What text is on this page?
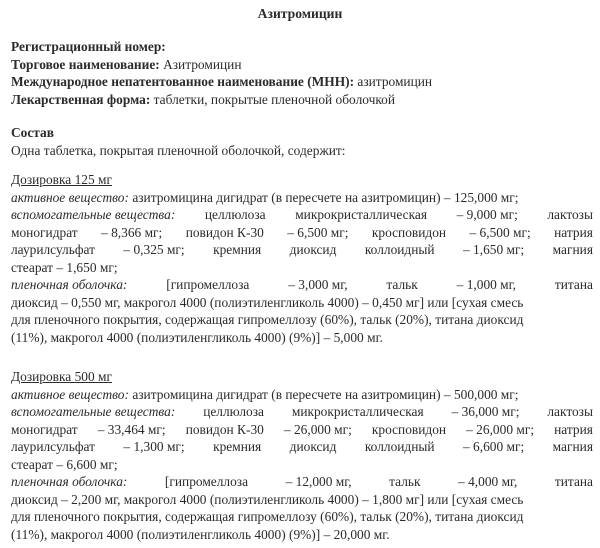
Азитромицин
Регистрационный номер:
Торговое наименование: Азитромицин
Международное непатентованное наименование (МНН): азитромицин
Лекарственная форма: таблетки, покрытые пленочной оболочкой
Состав
Одна таблетка, покрытая пленочной оболочкой, содержит:
Дозировка 125 мг
активное вещество: азитромицина дигидрат (в пересчете на азитромицин) – 125,000 мг;
вспомогательные вещества: целлюлоза микрокристаллическая – 9,000 мг; лактозы
моногидрат – 8,366 мг; повидон К-30 – 6,500 мг; кросповидон – 6,500 мг; натрия
лаурилсульфат – 0,325 мг; кремния диоксид коллоидный – 1,650 мг; магния
стеарат – 1,650 мг;
пленочная оболочка:	[гипромеллоза	– 3,000 мг,	тальк	– 1,000 мг,	титана
диоксид – 0,550 мг, макрогол 4000 (полиэтиленгликоль 4000) – 0,450 мг] или [сухая смесь
для пленочного покрытия, содержащая гипромеллозу (60%), тальк (20%), титана диоксид
(11%), макрогол 4000 (полиэтиленгликоль 4000) (9%)] – 5,000 мг.
Дозировка 500 мг
активное вещество: азитромицина дигидрат (в пересчете на азитромицин) – 500,000 мг;
вспомогательные вещества: целлюлоза микрокристаллическая – 36,000 мг; лактозы
моногидрат – 33,464 мг; повидон К-30 – 26,000 мг; кросповидон – 26,000 мг; натрия
лаурилсульфат – 1,300 мг; кремния диоксид коллоидный – 6,600 мг; магния
стеарат – 6,600 мг;
пленочная оболочка:	[гипромеллоза	– 12,000 мг,	тальк	– 4,000 мг,	титана
диоксид – 2,200 мг, макрогол 4000 (полиэтиленгликоль 4000) – 1,800 мг] или [сухая смесь
для пленочного покрытия, содержащая гипромеллозу (60%), тальк (20%), титана диоксид
(11%), макрогол 4000 (полиэтиленгликоль 4000) (9%)] – 20,000 мг.
